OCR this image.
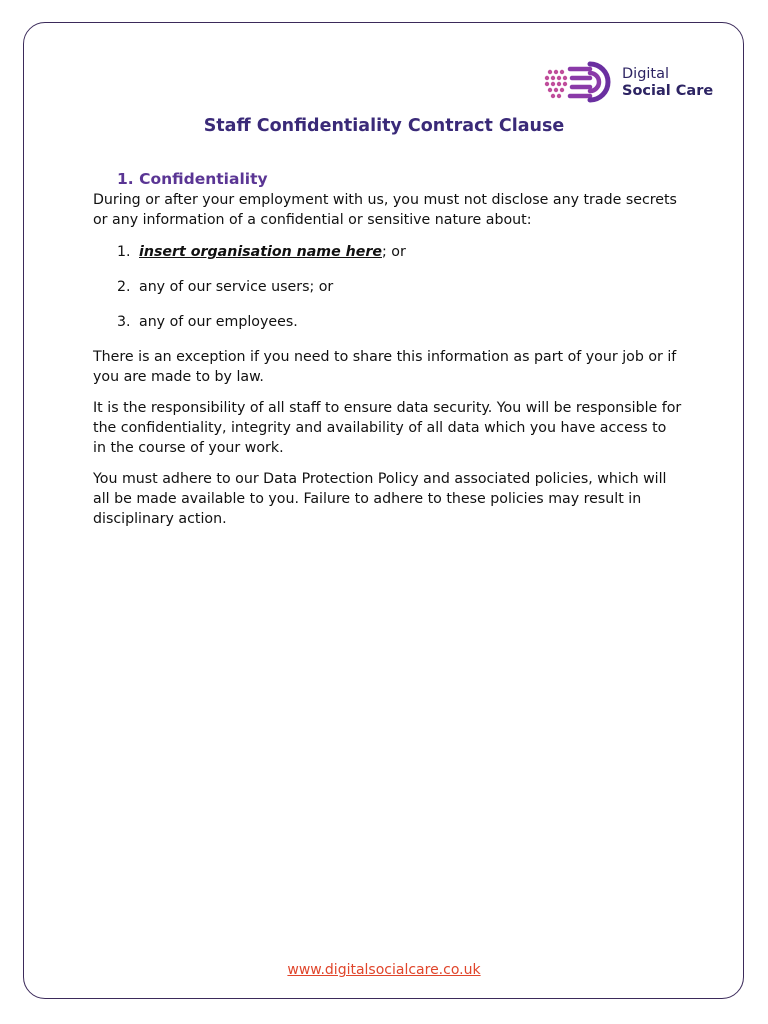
Digital
Social Care
Staff Confidentiality Contract Clause
1. Confidentiality

During or after your employment with us, you must not disclose any trade secrets or any information of a confidential or sensitive nature about:

1. insert organisation name here; or

2. any of our service users; or

3. any of our employees.

There is an exception if you need to share this information as part of your job or if you are made to by law.

It is the responsibility of all staff to ensure data security. You will be responsible for the confidentiality, integrity and availability of all data which you have access to in the course of your work.

You must adhere to our Data Protection Policy and associated policies, which will all be made available to you. Failure to adhere to these policies may result in disciplinary action.

www.digitalsocialcare.co.uk
